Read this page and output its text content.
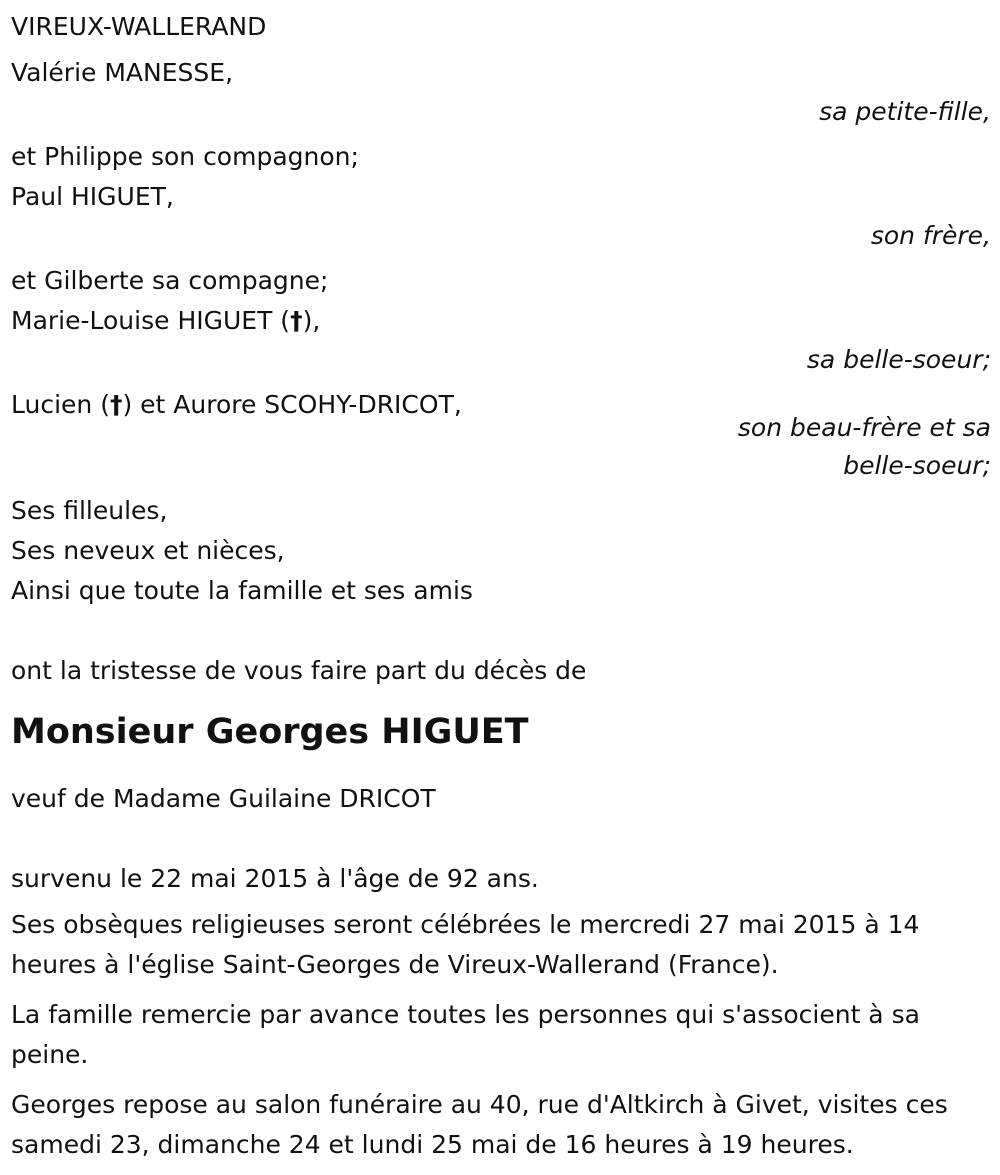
VIREUX-WALLERAND
Valérie MANESSE,
sa petite-fille,
et Philippe son compagnon;
Paul HIGUET,
son frère,
et Gilberte sa compagne;
Marie-Louise HIGUET (†),
sa belle-soeur;
Lucien (†) et Aurore SCOHY-DRICOT,
son beau-frère et sa
belle-soeur;
Ses filleules,
Ses neveux et nièces,
Ainsi que toute la famille et ses amis
ont la tristesse de vous faire part du décès de
Monsieur Georges HIGUET
veuf de Madame Guilaine DRICOT
survenu le 22 mai 2015 à l'âge de 92 ans.
Ses obsèques religieuses seront célébrées le mercredi 27 mai 2015 à 14 heures à l'église Saint-Georges de Vireux-Wallerand (France).
La famille remercie par avance toutes les personnes qui s'associent à sa peine.
Georges repose au salon funéraire au 40, rue d'Altkirch à Givet, visites ces samedi 23, dimanche 24 et lundi 25 mai de 16 heures à 19 heures.
